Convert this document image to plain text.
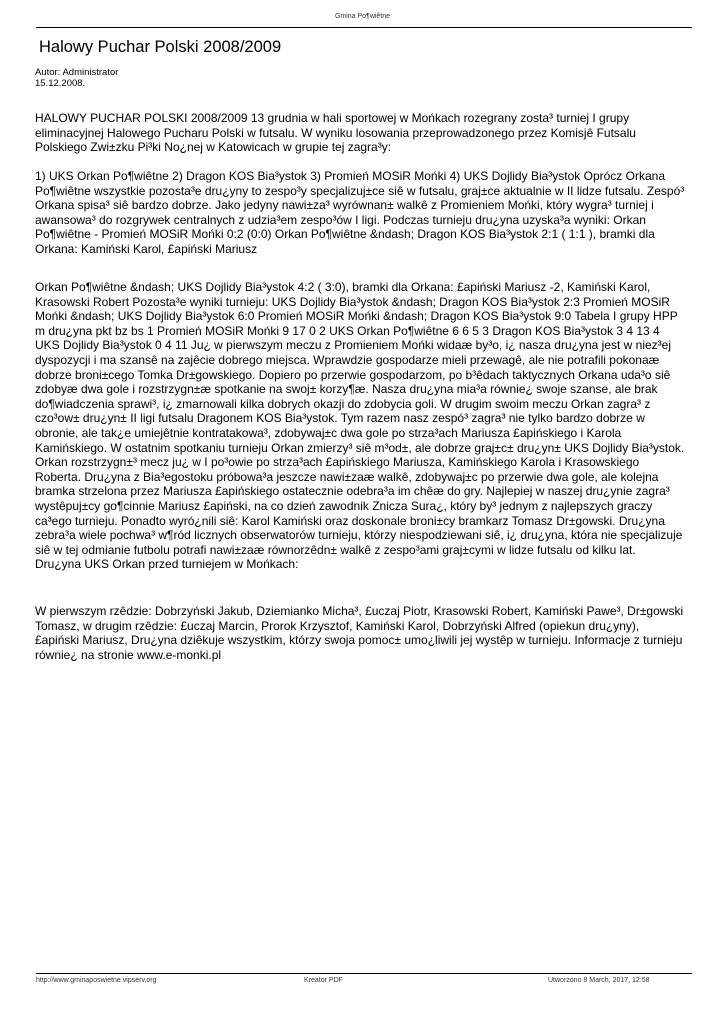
Gmina Po¶wiêtne
Halowy Puchar Polski 2008/2009
Autor: Administrator
15.12.2008.

HALOWY PUCHAR POLSKI 2008/2009 13 grudnia w hali sportowej w Mońkach rozegrany zosta³ turniej I grupy eliminacyjnej Halowego Pucharu Polski w futsalu. W wyniku losowania przeprowadzonego przez Komisjê Futsalu Polskiego Zwi±zku Pi³ki No¿nej w Katowicach w grupie tej zagra³y:

1) UKS Orkan Po¶wiêtne 2) Dragon KOS Bia³ystok 3) Promień MOSiR Mońki 4) UKS Dojlidy Bia³ystok Oprócz Orkana Po¶wiêtne wszystkie pozosta³e dru¿yny to zespo³y specjalizuj±ce siê w futsalu, graj±ce aktualnie w II lidze futsalu. Zespó³ Orkana spisa³ siê bardzo dobrze. Jako jedyny nawi±za³ wyrównan± walkê z Promieniem Mońki, który wygra³ turniej i awansowa³ do rozgrywek centralnych z udzia³em zespo³ów I ligi. Podczas turnieju dru¿yna uzyska³a wyniki: Orkan Po¶wiêtne - Promień MOSiR Mońki 0:2 (0:0) Orkan Po¶wiêtne &ndash; Dragon KOS Bia³ystok 2:1 ( 1:1 ), bramki dla Orkana: Kamiński Karol, £apiński Mariusz

Orkan Po¶wiêtne &ndash; UKS Dojlidy Bia³ystok 4:2 ( 3:0), bramki dla Orkana: £apiński Mariusz -2, Kamiński Karol, Krasowski Robert Pozosta³e wyniki turnieju: UKS Dojlidy Bia³ystok &ndash; Dragon KOS Bia³ystok 2:3 Promień MOSiR Mońki &ndash; UKS Dojlidy Bia³ystok 6:0 Promień MOSiR Mońki &ndash; Dragon KOS Bia³ystok 9:0 Tabela I grupy HPP m dru¿yna pkt bz bs 1 Promień MOSiR Mońki 9 17 0 2 UKS Orkan Po¶wiêtne 6 6 5 3 Dragon KOS Bia³ystok 3 4 13 4 UKS Dojlidy Bia³ystok 0 4 11 Ju¿ w pierwszym meczu z Promieniem Mońki widaæ by³o, i¿ nasza dru¿yna jest w niez³ej dyspozycji i ma szansê na zajêcie dobrego miejsca. Wprawdzie gospodarze mieli przewagê, ale nie potrafili pokonaæ dobrze broni±cego Tomka Dr±gowskiego. Dopiero po przerwie gospodarzom, po b³êdach taktycznych Orkana uda³o siê zdobyæ dwa gole i rozstrzygn±æ spotkanie na swoj± korzy¶æ. Nasza dru¿yna mia³a równie¿ swoje szanse, ale brak do¶wiadczenia sprawi³, i¿ zmarnowali kilka dobrych okazji do zdobycia goli. W drugim swoim meczu Orkan zagra³ z czo³ow± dru¿yn± II ligi futsalu Dragonem KOS Bia³ystok. Tym razem nasz zespó³ zagra³ nie tylko bardzo dobrze w obronie, ale tak¿e umiejêtnie kontratakowa³, zdobywaj±c dwa gole po strza³ach Mariusza £apińskiego i Karola Kamińskiego. W ostatnim spotkaniu turnieju Orkan zmierzy³ siê m³od±, ale dobrze graj±c± dru¿yn± UKS Dojlidy Bia³ystok. Orkan rozstrzygn±³ mecz ju¿ w I po³owie po strza³ach £apińskiego Mariusza, Kamińskiego Karola i Krasowskiego Roberta. Dru¿yna z Bia³egostoku próbowa³a jeszcze nawi±zaæ walkê, zdobywaj±c po przerwie dwa gole, ale kolejna bramka strzelona przez Mariusza £apińskiego ostatecznie odebra³a im chêæ do gry. Najlepiej w naszej dru¿ynie zagra³ wystêpuj±cy go¶cinnie Mariusz £apiński, na co dzień zawodnik Znicza Sura¿, który by³ jednym z najlepszych graczy ca³ego turnieju. Ponadto wyró¿nili siê: Karol Kamiński oraz doskonale broni±cy bramkarz Tomasz Dr±gowski. Dru¿yna zebra³a wiele pochwa³ w¶ród licznych obserwatorów turnieju, którzy niespodziewani siê, i¿ dru¿yna, która nie specjalizuje siê w tej odmianie futbolu potrafi nawi±zaæ równorzêdn± walkê z zespo³ami graj±cymi w lidze futsalu od kilku lat. Dru¿yna UKS Orkan przed turniejem w Mońkach:

W pierwszym rzêdzie: Dobrzyński Jakub, Dziemianko Micha³, £uczaj Piotr, Krasowski Robert, Kamiński Pawe³, Dr±gowski Tomasz, w drugim rzêdzie: £uczaj Marcin, Prorok Krzysztof, Kamiński Karol, Dobrzyński Alfred (opiekun dru¿yny), £apiński Mariusz, Dru¿yna dziêkuje wszystkim, którzy swoja pomoc± umo¿liwili jej wystêp w turnieju. Informacje z turnieju równie¿ na stronie www.e-monki.pl

http://www.gminaposwietne.vipserv.org	Kreator PDF	Utworzono 8 March, 2017, 12:58
